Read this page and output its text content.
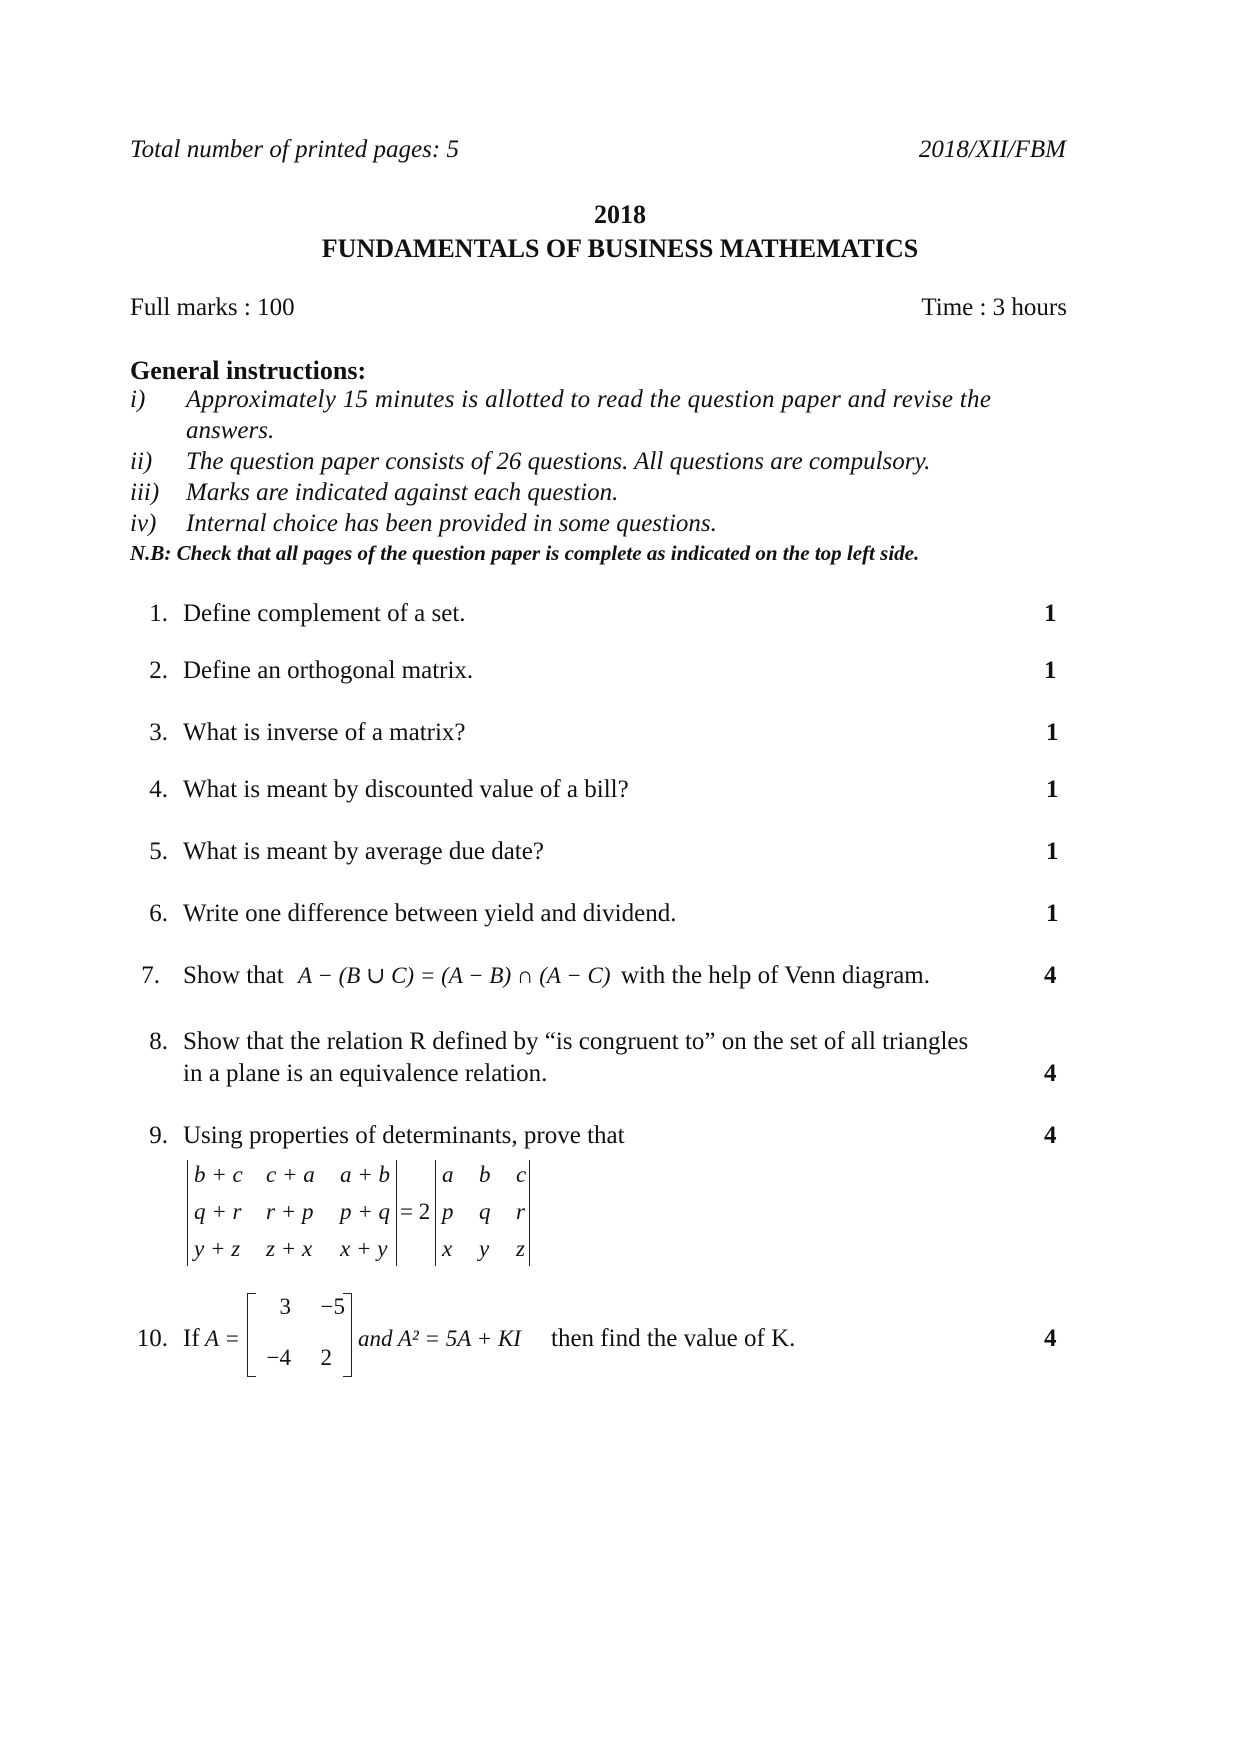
Total number of printed pages: 5	2018/XII/FBM
2018
FUNDAMENTALS OF BUSINESS MATHEMATICS
Full marks : 100	Time : 3 hours
General instructions:
i) Approximately 15 minutes is allotted to read the question paper and revise the
answers.
ii) The question paper consists of 26 questions. All questions are compulsory.
iii) Marks are indicated against each question.
iv) Internal choice has been provided in some questions.
N.B: Check that all pages of the question paper is complete as indicated on the top left side.
1. Define complement of a set.	1
2. Define an orthogonal matrix.	1
3. What is inverse of a matrix?	1
4. What is meant by discounted value of a bill?	1
5. What is meant by average due date?	1
6. Write one difference between yield and dividend.	1
7. Show that A − (B ∪ C) = (A − B) ∩ (A − C) with the help of Venn diagram.	4
8. Show that the relation R defined by “is congruent to” on the set of all triangles
in a plane is an equivalence relation.	4
9. Using properties of determinants, prove that	4
b + c c + a a + b
q + r r + p p + q
y + z z + x x + y
= 2
a b c
p q r
x y z
10. If A =
3	−5
−4	2
and A² = 5A + KI then find the value of K.	4
